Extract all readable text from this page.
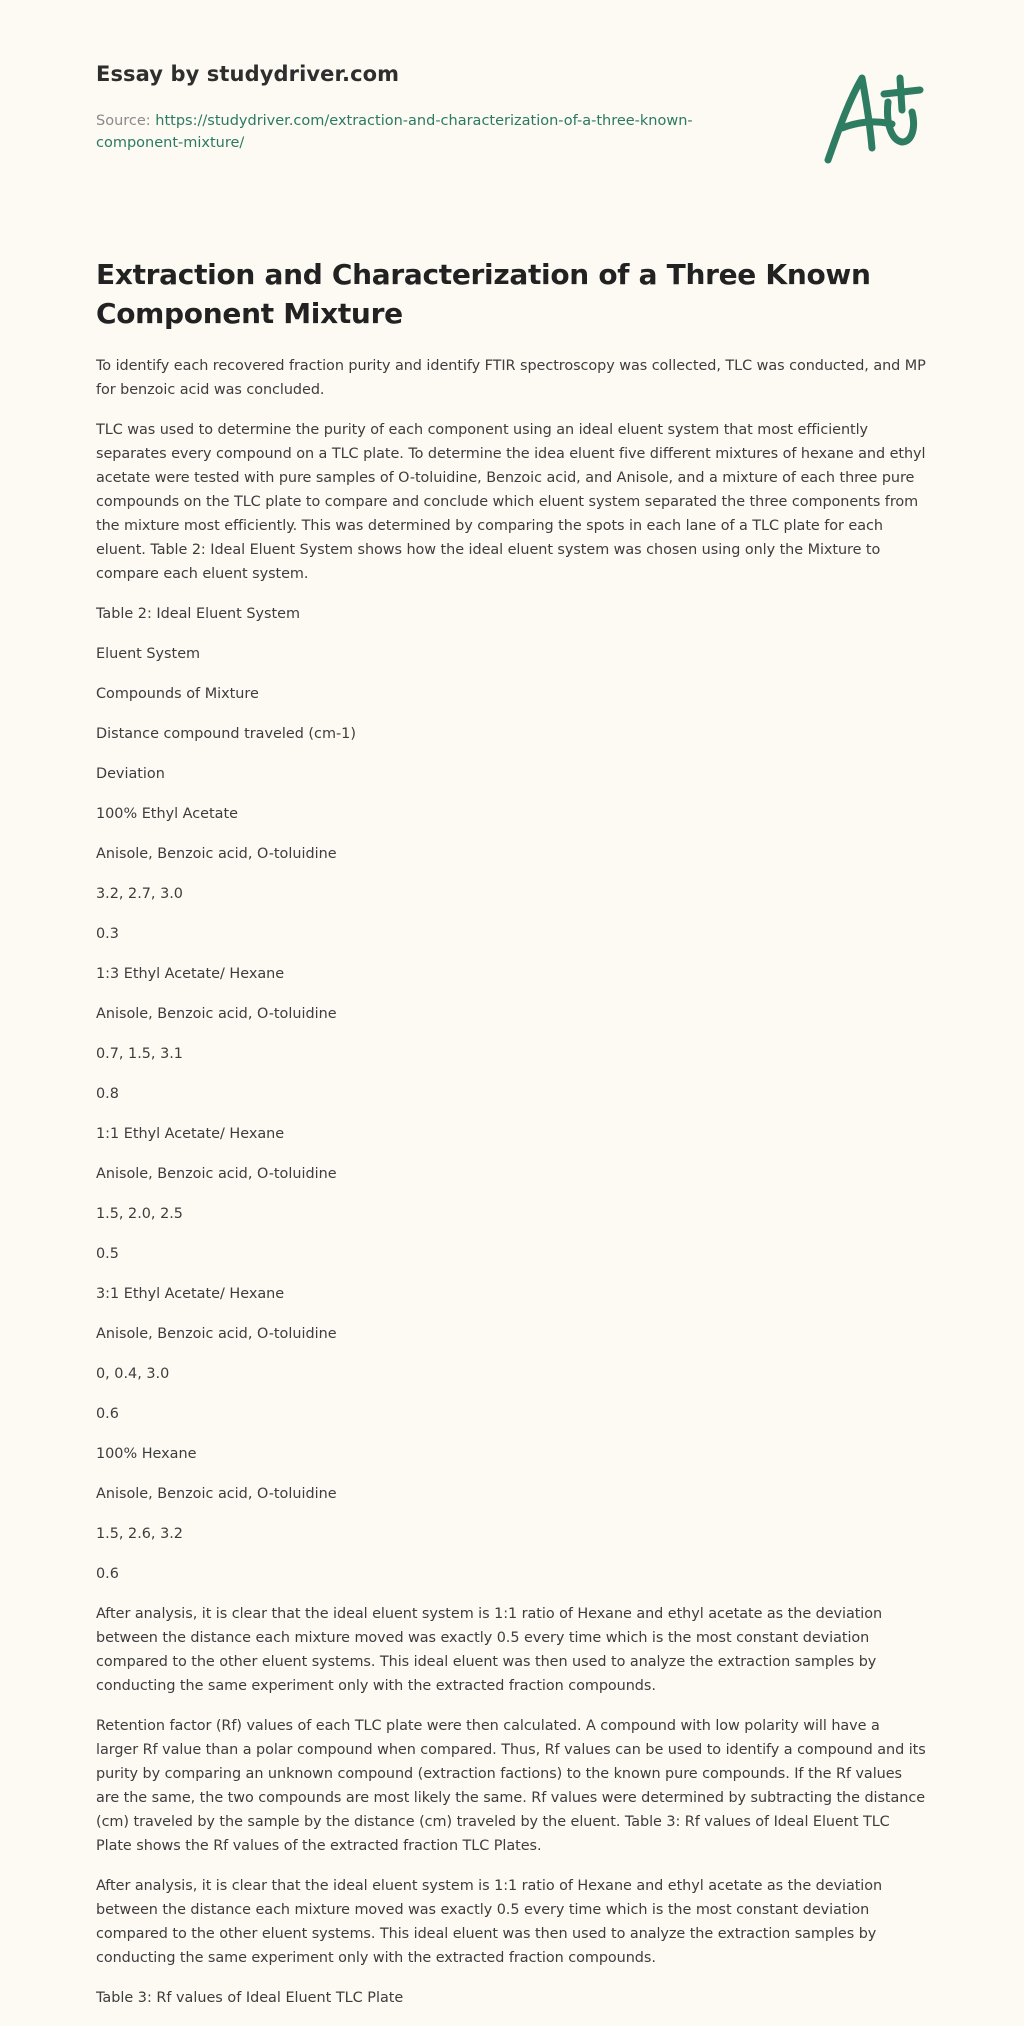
Essay by studydriver.com
Source: https://studydriver.com/extraction-and-characterization-of-a-three-known-component-mixture/
Extraction and Characterization of a Three Known Component Mixture

To identify each recovered fraction purity and identify FTIR spectroscopy was collected, TLC was conducted, and MP for benzoic acid was concluded.

TLC was used to determine the purity of each component using an ideal eluent system that most efficiently separates every compound on a TLC plate. To determine the idea eluent five different mixtures of hexane and ethyl acetate were tested with pure samples of O-toluidine, Benzoic acid, and Anisole, and a mixture of each three pure compounds on the TLC plate to compare and conclude which eluent system separated the three components from the mixture most efficiently. This was determined by comparing the spots in each lane of a TLC plate for each eluent. Table 2: Ideal Eluent System shows how the ideal eluent system was chosen using only the Mixture to compare each eluent system.

Table 2: Ideal Eluent System
Eluent System
Compounds of Mixture
Distance compound traveled (cm-1)
Deviation
100% Ethyl Acetate
Anisole, Benzoic acid, O-toluidine
3.2, 2.7, 3.0
0.3
1:3 Ethyl Acetate/ Hexane
Anisole, Benzoic acid, O-toluidine
0.7, 1.5, 3.1
0.8
1:1 Ethyl Acetate/ Hexane
Anisole, Benzoic acid, O-toluidine
1.5, 2.0, 2.5
0.5
3:1 Ethyl Acetate/ Hexane
Anisole, Benzoic acid, O-toluidine
0, 0.4, 3.0
0.6
100% Hexane
Anisole, Benzoic acid, O-toluidine
1.5, 2.6, 3.2
0.6

After analysis, it is clear that the ideal eluent system is 1:1 ratio of Hexane and ethyl acetate as the deviation between the distance each mixture moved was exactly 0.5 every time which is the most constant deviation compared to the other eluent systems. This ideal eluent was then used to analyze the extraction samples by conducting the same experiment only with the extracted fraction compounds.

Retention factor (Rf) values of each TLC plate were then calculated. A compound with low polarity will have a larger Rf value than a polar compound when compared. Thus, Rf values can be used to identify a compound and its purity by comparing an unknown compound (extraction factions) to the known pure compounds. If the Rf values are the same, the two compounds are most likely the same. Rf values were determined by subtracting the distance (cm) traveled by the sample by the distance (cm) traveled by the eluent. Table 3: Rf values of Ideal Eluent TLC Plate shows the Rf values of the extracted fraction TLC Plates.

After analysis, it is clear that the ideal eluent system is 1:1 ratio of Hexane and ethyl acetate as the deviation between the distance each mixture moved was exactly 0.5 every time which is the most constant deviation compared to the other eluent systems. This ideal eluent was then used to analyze the extraction samples by conducting the same experiment only with the extracted fraction compounds.

Table 3: Rf values of Ideal Eluent TLC Plate
